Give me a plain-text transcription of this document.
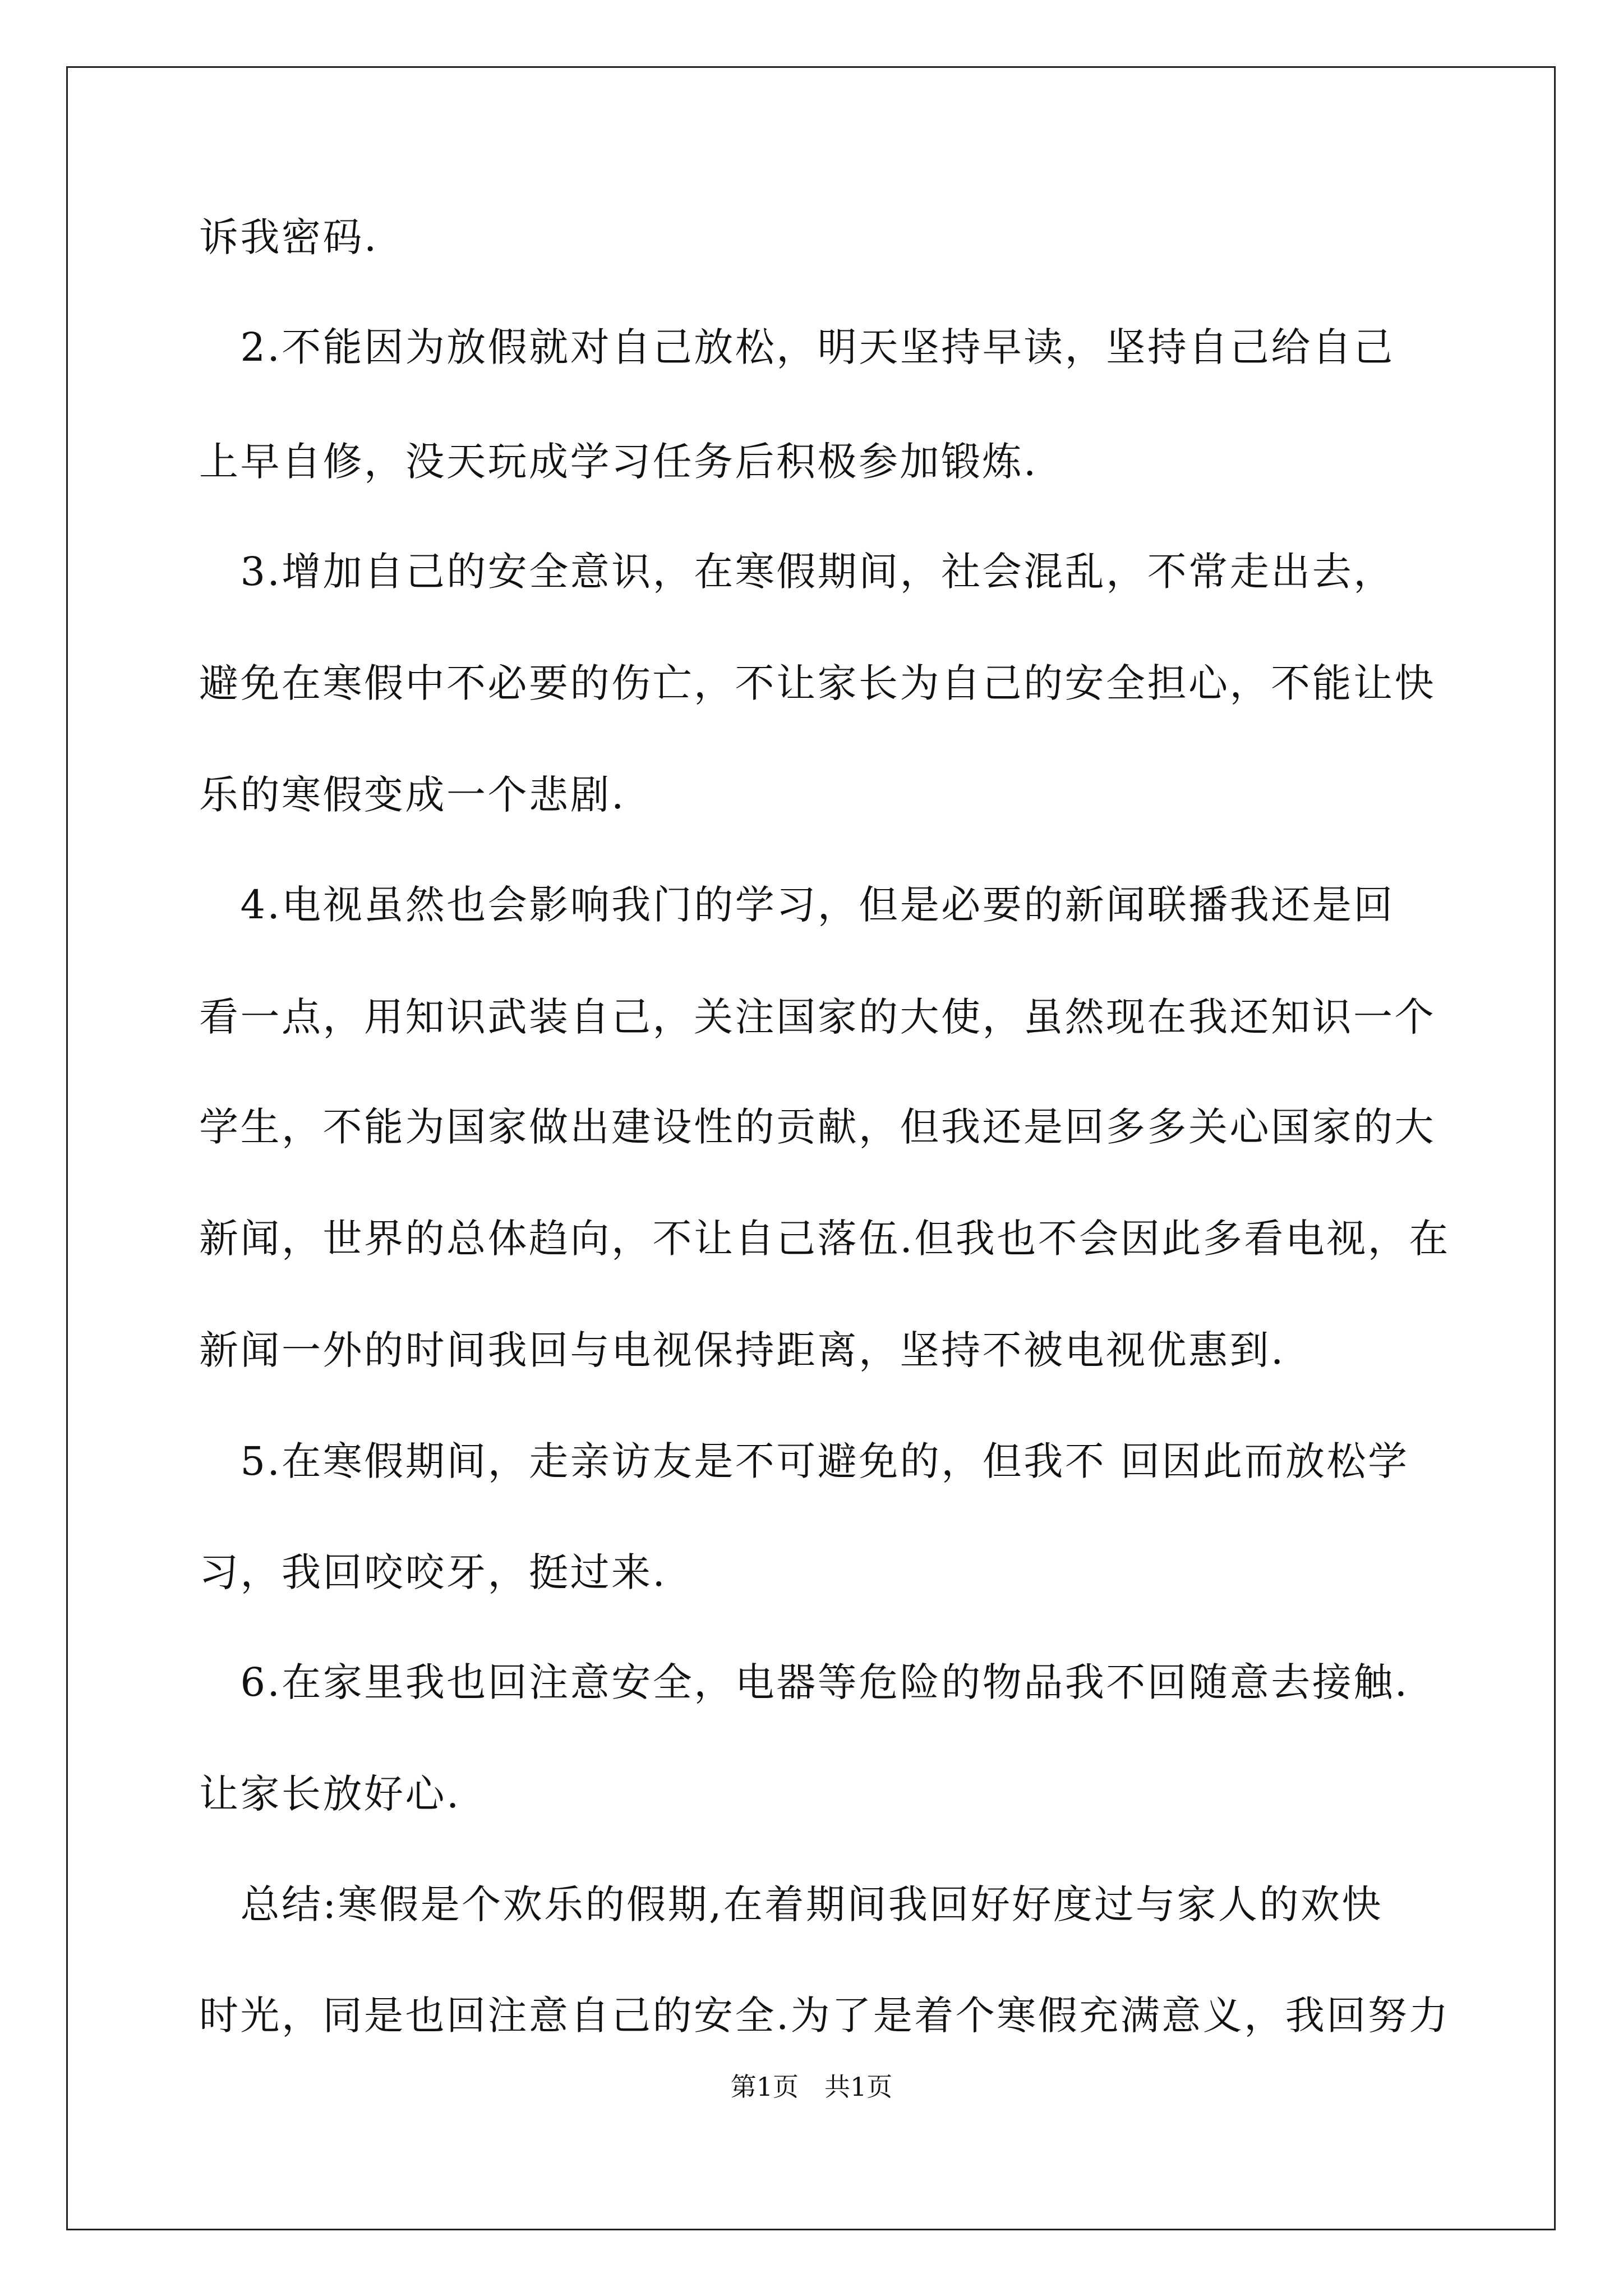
诉我密码.
　2.不能因为放假就对自己放松，明天坚持早读，坚持自己给自己
上早自修，没天玩成学习任务后积极参加锻炼.
　3.增加自己的安全意识，在寒假期间，社会混乱，不常走出去，
避免在寒假中不必要的伤亡，不让家长为自己的安全担心，不能让快
乐的寒假变成一个悲剧.
　4.电视虽然也会影响我门的学习，但是必要的新闻联播我还是回
看一点，用知识武装自己，关注国家的大使，虽然现在我还知识一个
学生，不能为国家做出建设性的贡献，但我还是回多多关心国家的大
新闻，世界的总体趋向，不让自己落伍.但我也不会因此多看电视，在
新闻一外的时间我回与电视保持距离，坚持不被电视优惠到.
　5.在寒假期间，走亲访友是不可避免的，但我不 回因此而放松学
习，我回咬咬牙，挺过来.
　6.在家里我也回注意安全，电器等危险的物品我不回随意去接触.
让家长放好心.
　总结:寒假是个欢乐的假期,在着期间我回好好度过与家人的欢快
时光，同是也回注意自己的安全.为了是着个寒假充满意义，我回努力
第1页　共1页
